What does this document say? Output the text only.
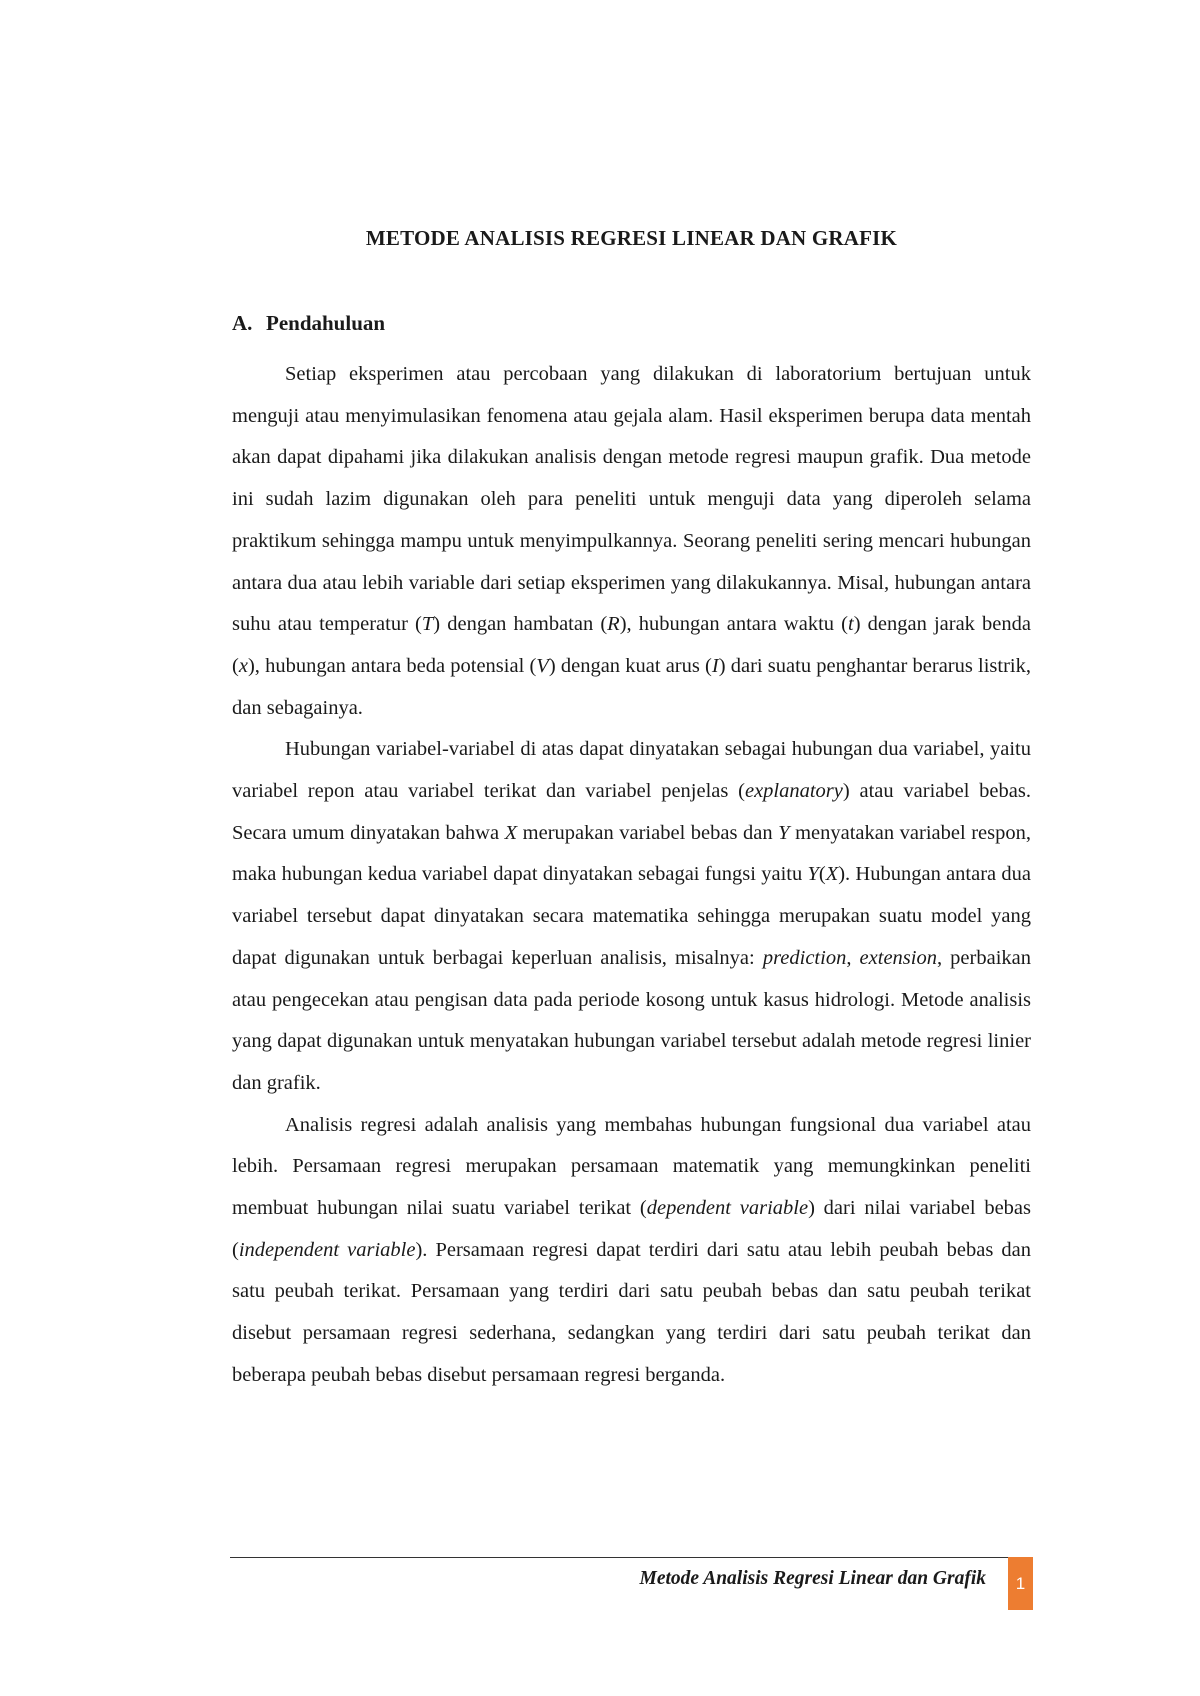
METODE ANALISIS REGRESI LINEAR DAN GRAFIK
A. Pendahuluan

Setiap eksperimen atau percobaan yang dilakukan di laboratorium bertujuan untuk menguji atau menyimulasikan fenomena atau gejala alam. Hasil eksperimen berupa data mentah akan dapat dipahami jika dilakukan analisis dengan metode regresi maupun grafik. Dua metode ini sudah lazim digunakan oleh para peneliti untuk menguji data yang diperoleh selama praktikum sehingga mampu untuk menyimpulkannya. Seorang peneliti sering mencari hubungan antara dua atau lebih variable dari setiap eksperimen yang dilakukannya. Misal, hubungan antara suhu atau temperatur (T) dengan hambatan (R), hubungan antara waktu (t) dengan jarak benda (x), hubungan antara beda potensial (V) dengan kuat arus (I) dari suatu penghantar berarus listrik, dan sebagainya.

Hubungan variabel-variabel di atas dapat dinyatakan sebagai hubungan dua variabel, yaitu variabel repon atau variabel terikat dan variabel penjelas (explanatory) atau variabel bebas. Secara umum dinyatakan bahwa X merupakan variabel bebas dan Y menyatakan variabel respon, maka hubungan kedua variabel dapat dinyatakan sebagai fungsi yaitu Y(X). Hubungan antara dua variabel tersebut dapat dinyatakan secara matematika sehingga merupakan suatu model yang dapat digunakan untuk berbagai keperluan analisis, misalnya: prediction, extension, perbaikan atau pengecekan atau pengisan data pada periode kosong untuk kasus hidrologi. Metode analisis yang dapat digunakan untuk menyatakan hubungan variabel tersebut adalah metode regresi linier dan grafik.

Analisis regresi adalah analisis yang membahas hubungan fungsional dua variabel atau lebih. Persamaan regresi merupakan persamaan matematik yang memungkinkan peneliti membuat hubungan nilai suatu variabel terikat (dependent variable) dari nilai variabel bebas (independent variable). Persamaan regresi dapat terdiri dari satu atau lebih peubah bebas dan satu peubah terikat. Persamaan yang terdiri dari satu peubah bebas dan satu peubah terikat disebut persamaan regresi sederhana, sedangkan yang terdiri dari satu peubah terikat dan beberapa peubah bebas disebut persamaan regresi berganda.

Metode Analisis Regresi Linear dan Grafik	1
